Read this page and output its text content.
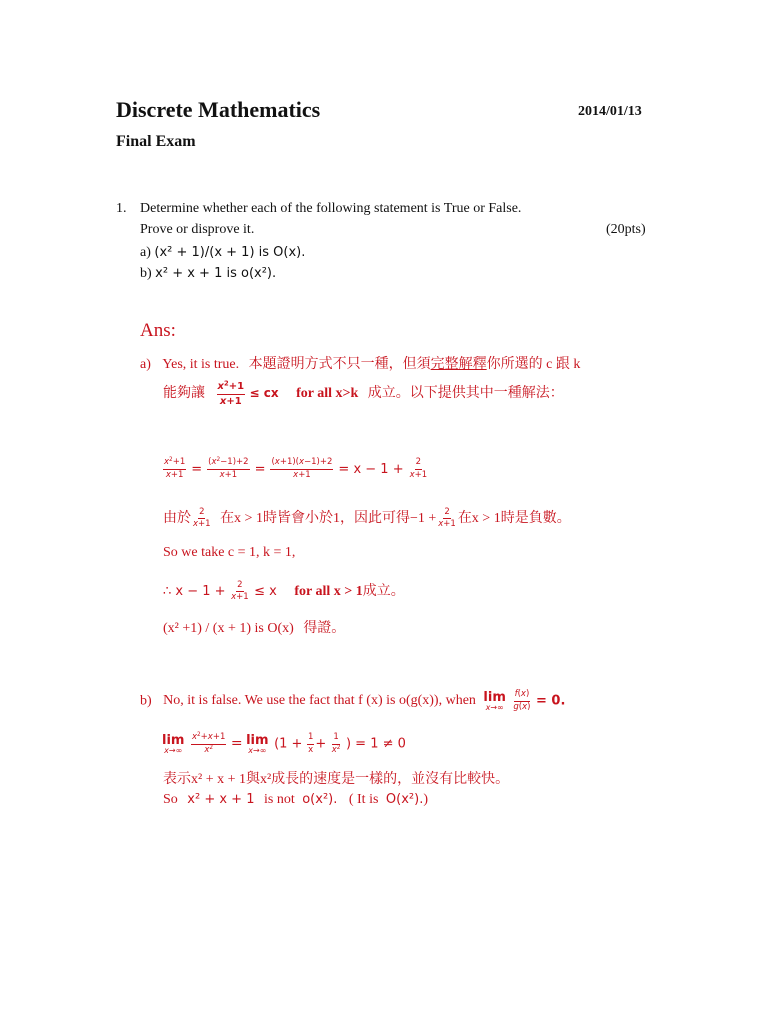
Discrete Mathematics	2014/01/13
Final Exam
1. Determine whether each of the following statement is True or False.
Prove or disprove it.	(20pts)
a) (x² + 1)/(x + 1) is O(x).
b) x² + x + 1 is o(x²).
Ans:
a) Yes, it is true. 本題證明方式不只一種，但須完整解釋你所選的 c 跟 k
能夠讓 $\frac{x^2+1}{x+1}$ ≤ cx for all x>k 成立。以下提供其中一種解法：
$\frac{x^2+1}{x+1} = \frac{(x^2-1)+2}{x+1} = \frac{(x+1)(x-1)+2}{x+1} = x - 1 + \frac{2}{x+1}$
由於 $\frac{2}{x+1}$ 在x > 1時皆會小於1，因此可得$-1 + \frac{2}{x+1}$ 在x > 1時是負數。
So we take c = 1, k = 1,
∴ $x - 1 + \frac{2}{x+1} \le x$ for all x > 1成立。
(x² +1) / (x + 1) is O(x) 得證。
b) No, it is false. We use the fact that f (x) is o(g(x)), when lim
x→∞
$\frac{f(x)}{g(x)} = 0$.
lim
x→∞
$\frac{x^2+x+1}{x^2} = \lim$
x→∞ ($1 + \frac{1}{x} + \frac{1}{x^2}$ ) = 1 ≠ 0
表示x² + x + 1與x²成長的速度是一樣的，並沒有比較快。
So x² + x + 1 is not o(x²). ( It is O(x²).)
